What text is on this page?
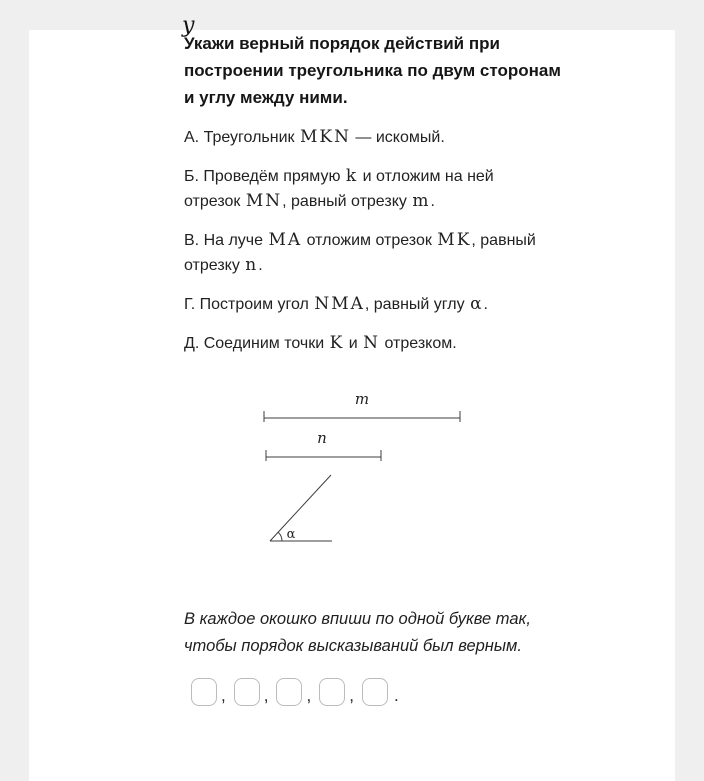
у
Укажи верный порядок действий при
построении треугольника по двум сторонам
и углу между ними.

А. Треугольник MKN — искомый.

Б. Проведём прямую k и отложим на ней
отрезок MN, равный отрезку m.

В. На луче MA отложим отрезок MK, равный
отрезку n.

Г. Построим угол NMA, равный углу α.

Д. Соединим точки K и N отрезком.

m
n
α
В каждое окошко впиши по одной букве так,
чтобы порядок высказываний был верным.
, , , , .
